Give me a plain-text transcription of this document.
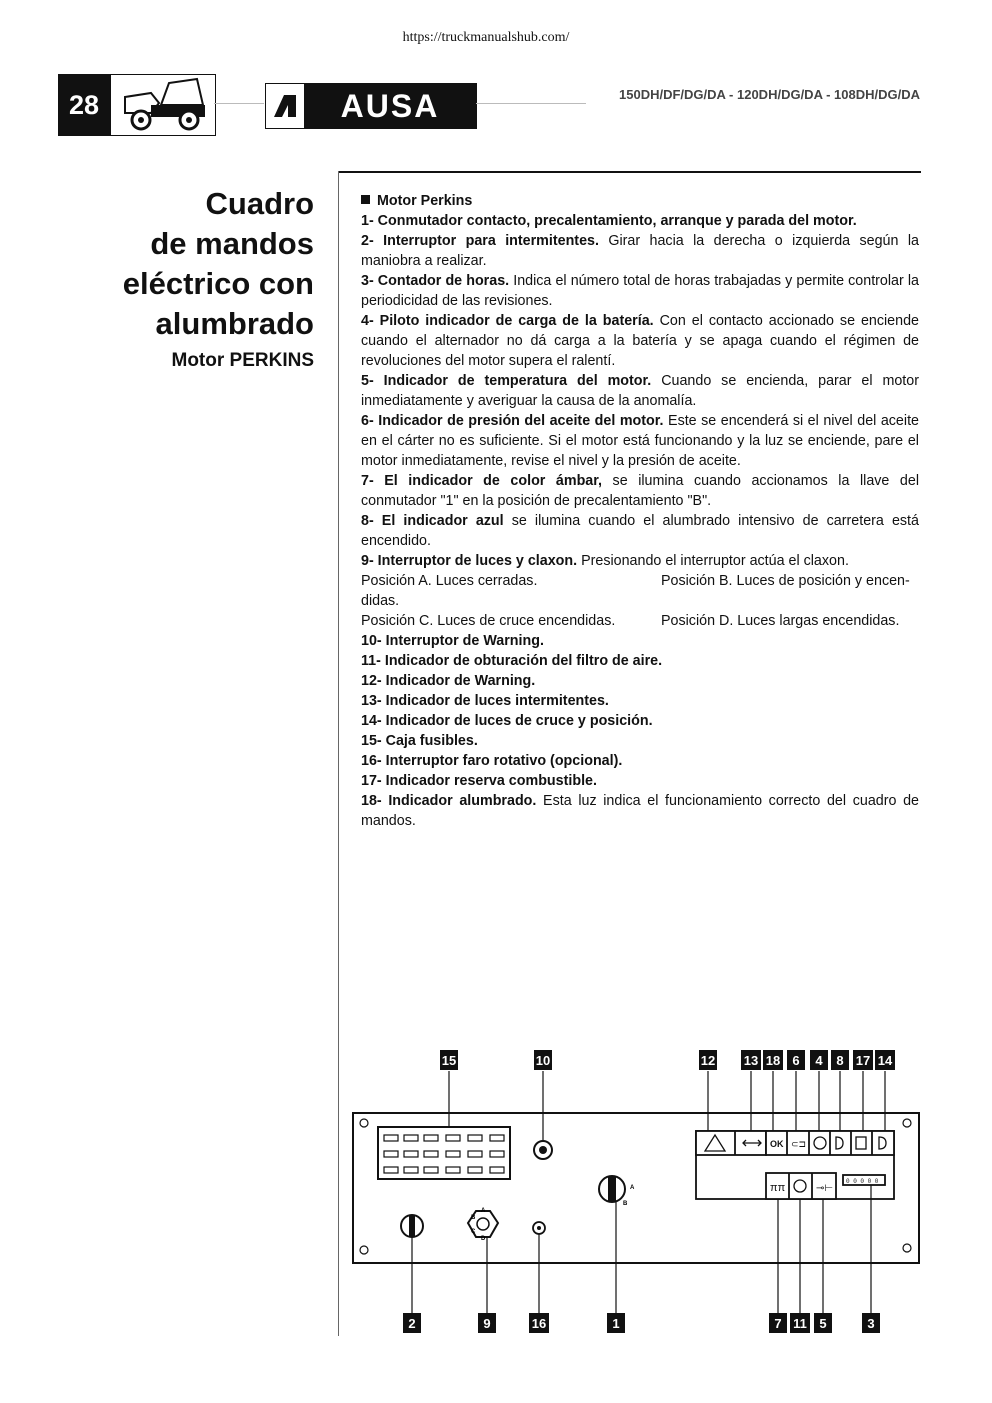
https://truckmanualshub.com/
28	AUSA	150DH/DF/DG/DA - 120DH/DG/DA - 108DH/DG/DA
Cuadro
de mandos
eléctrico con
alumbrado
Motor PERKINS

Motor Perkins

1- Conmutador contacto, precalentamiento, arranque y parada del motor.

2- Interruptor para intermitentes. Girar hacia la derecha o izquierda según la maniobra a realizar.

3- Contador de horas. Indica el número total de horas trabajadas y permite controlar la periodicidad de las revisiones.

4- Piloto indicador de carga de la batería. Con el contacto accionado se enciende cuando el alternador no dá carga a la batería y se apaga cuando el régimen de revoluciones del motor supera el ralentí.

5- Indicador de temperatura del motor. Cuando se encienda, parar el motor inmediatamente y averiguar la causa de la anomalía.

6- Indicador de presión del aceite del motor. Este se encenderá si el nivel del aceite en el cárter no es suficiente. Si el motor está funcionando y la luz se enciende, pare el motor inmediatamente, revise el nivel y la presión de aceite.

7- El indicador de color ámbar, se ilumina cuando accionamos la llave del conmutador "1" en la posición de precalentamiento "B".

8- El indicador azul se ilumina cuando el alumbrado intensivo de carretera está encendido.

9- Interruptor de luces y claxon. Presionando el interruptor actúa el claxon.

Posición A. Luces cerradas.	Posición B. Luces de posición y encen-

didas.

Posición C. Luces de cruce encendidas.	Posición D. Luces largas encendidas.

10- Interruptor de Warning.

11- Indicador de obturación del filtro de aire.

12- Indicador de Warning.

13- Indicador de luces intermitentes.

14- Indicador de luces de cruce y posición.

15- Caja fusibles.

16- Interruptor faro rotativo (opcional).

17- Indicador reserva combustible.

18- Indicador alumbrado. Esta luz indica el funcionamiento correcto del cuadro de mandos.

A
B
A
B
C
D
OK ⊂⊐
ππ	⊸⊢
0 0 0 0 0
15	10	12 13 18 6 4 8 17 14
2	9	16	1	7 11 5	3
